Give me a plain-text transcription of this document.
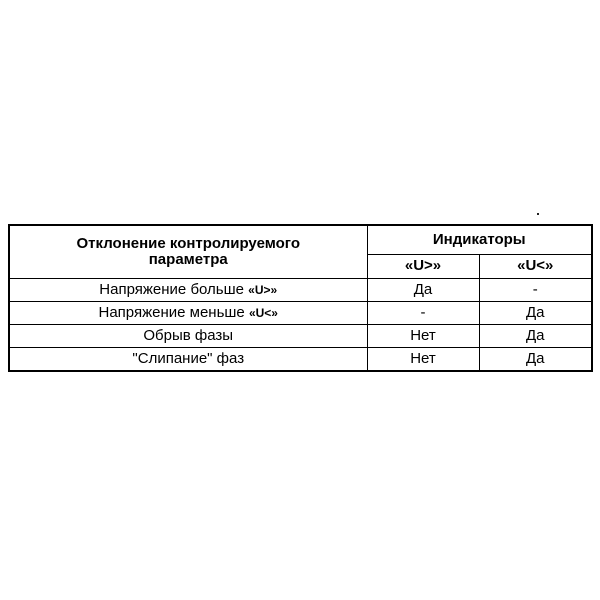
Отклонение контролируемого
параметра	Индикаторы	
	«U>»	«U<»
Напряжение больше «U>»	Да	-
Напряжение меньше «U<»	-	Да
Обрыв фазы	Нет	Да
"Слипание" фаз	Нет	Да
